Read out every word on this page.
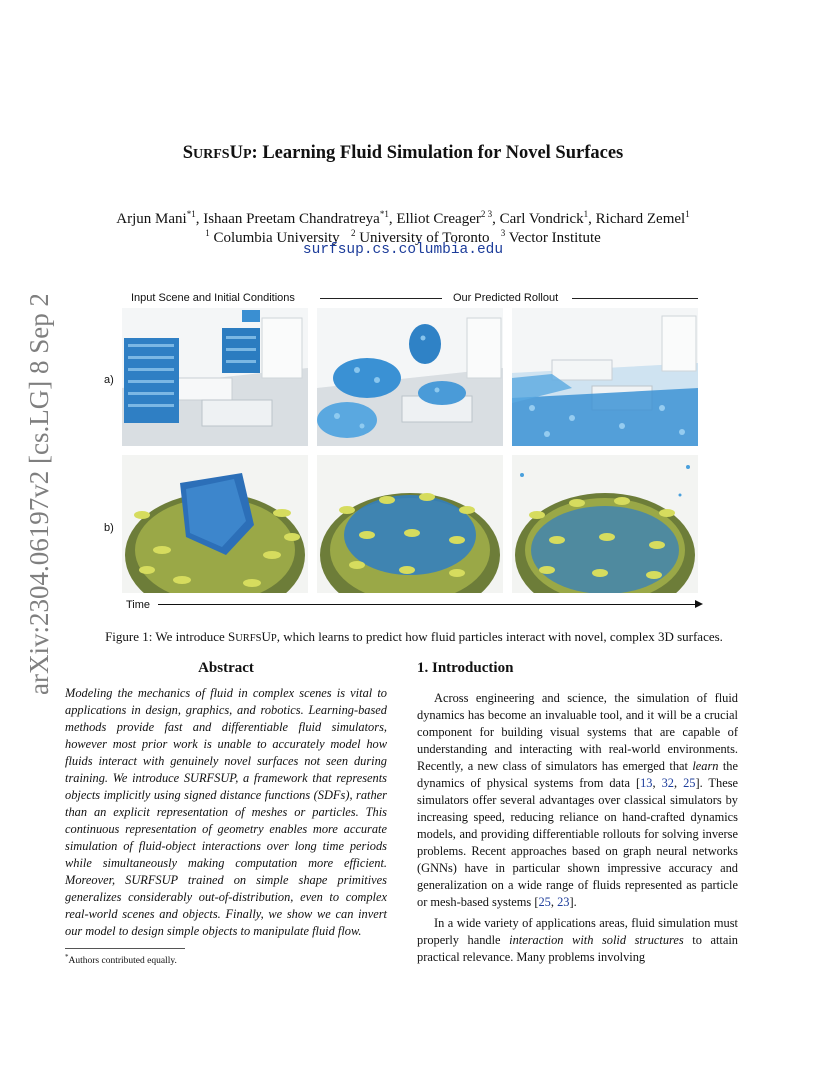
arXiv:2304.06197v2 [cs.LG] 8 Sep 2023
SURFSUP: Learning Fluid Simulation for Novel Surfaces
Arjun Mani$^{*1}$, Ishaan Preetam Chandratreya$^{*1}$, Elliot Creager$^{2 3}$, Carl Vondrick$^1$, Richard Zemel$^1$
$^1$ Columbia University $^2$ University of Toronto $^3$ Vector Institute
surfsup.cs.columbia.edu
Input Scene and Initial Conditions	Our Predicted Rollout
a)
b)
Time
Figure 1: We introduce SURFSUP, which learns to predict how fluid particles interact with novel, complex 3D surfaces.
Abstract
Modeling the mechanics of fluid in complex scenes is vital to applications in design, graphics, and robotics. Learning-based methods provide fast and differentiable fluid simulators, however most prior work is unable to accurately model how fluids interact with genuinely novel surfaces not seen during training. We introduce SURFSUP, a framework that represents objects implicitly using signed distance functions (SDFs), rather than an explicit representation of meshes or particles. This continuous representation of geometry enables more accurate simulation of fluid-object interactions over long time periods while simultaneously making computation more efficient. Moreover, SURFSUP trained on simple shape primitives generalizes considerably out-of-distribution, even to complex real-world scenes and objects. Finally, we show we can invert our model to design simple objects to manipulate fluid flow.
*Authors contributed equally.
1. Introduction

Across engineering and science, the simulation of fluid dynamics has become an invaluable tool, and it will be a crucial component for building visual systems that are capable of understanding and interacting with real-world environments. Recently, a new class of simulators has emerged that learn the dynamics of physical systems from data [13, 32, 25]. These simulators offer several advantages over classical simulators by increasing speed, reducing reliance on hand-crafted dynamics models, and providing differentiable rollouts for solving inverse problems. Recent approaches based on graph neural networks (GNNs) have in particular shown impressive accuracy and generalization on a wide range of fluids represented as particle or mesh-based systems [25, 23].

In a wide variety of applications areas, fluid simulation must properly handle interaction with solid structures to attain practical relevance. Many problems involving
